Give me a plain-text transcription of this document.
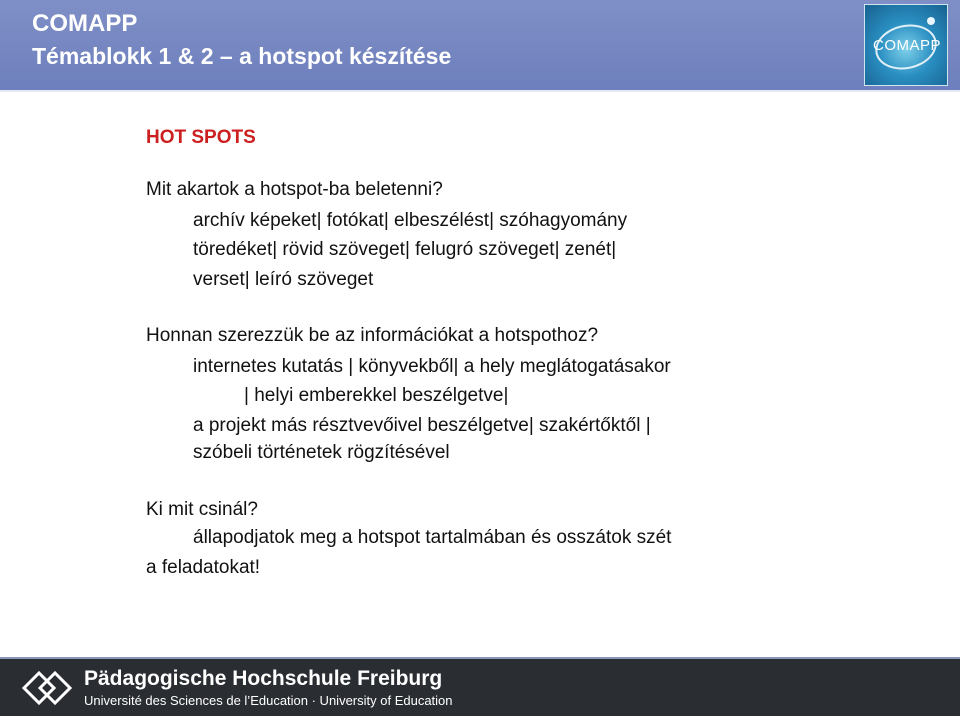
COMAPP
Témablokk 1 & 2 – a hotspot készítése	COMAPP
HOT SPOTS
Mit akartok a hotspot-ba beletenni?
archív képeket| fotókat| elbeszélést| szóhagyomány
töredéket| rövid szöveget| felugró szöveget| zenét|
verset| leíró szöveget
Honnan szerezzük be az információkat a hotspothoz?
internetes kutatás | könyvekből| a hely meglátogatásakor
| helyi emberekkel beszélgetve|
a projekt más résztvevőivel beszélgetve| szakértőktől |
szóbeli történetek rögzítésével
Ki mit csinál?
állapodjatok meg a hotspot tartalmában és osszátok szét
a feladatokat!
Pädagogische Hochschule Freiburg
Université des Sciences de l’Education · University of Education
